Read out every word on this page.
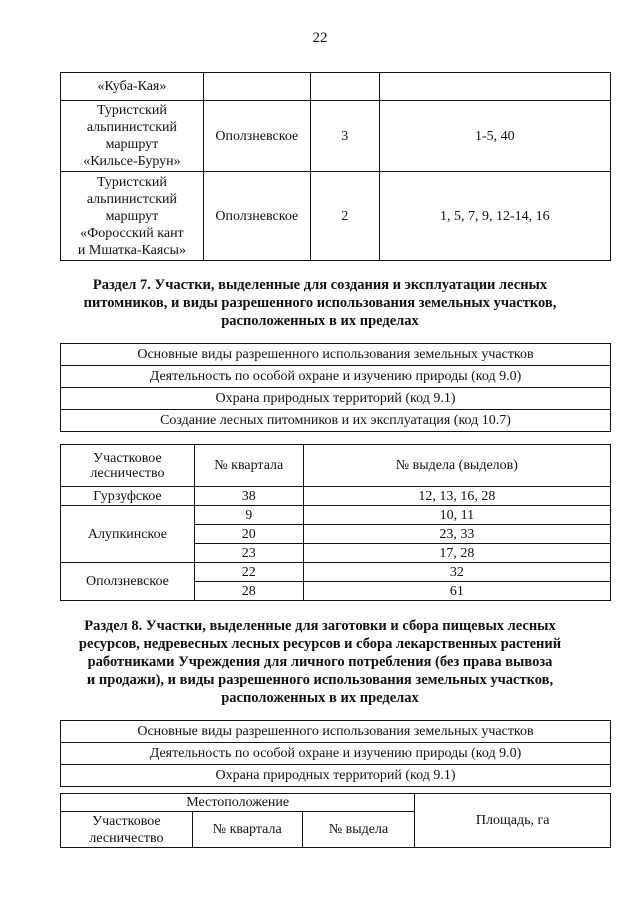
22
«Куба-Кая»			

Туристский
альпинистский
маршрут
«Кильсе-Бурун»	Оползневское	3	1-5, 40

Туристский
альпинистский
маршрут
«Форосский кант
и Мшатка-Каясы»	Оползневское	2	1, 5, 7, 9, 12-14, 16
Раздел 7. Участки, выделенные для создания и эксплуатации лесных
питомников, и виды разрешенного использования земельных участков,
расположенных в их пределах
Основные виды разрешенного использования земельных участков
Деятельность по особой охране и изучению природы (код 9.0)
Охрана природных территорий (код 9.1)
Создание лесных питомников и их эксплуатация (код 10.7)
Участковое
лесничество	№ квартала	№ выдела (выделов)
Гурзуфское	38	12, 13, 16, 28
Алупкинское	9	10, 11
	20	23, 33
	23	17, 28
Оползневское	22	32
	28	61
Раздел 8. Участки, выделенные для заготовки и сбора пищевых лесных
ресурсов, недревесных лесных ресурсов и сбора лекарственных растений
работниками Учреждения для личного потребления (без права вывоза
и продажи), и виды разрешенного использования земельных участков,
расположенных в их пределах
Основные виды разрешенного использования земельных участков
Деятельность по особой охране и изучению природы (код 9.0)
Охрана природных территорий (код 9.1)
Местоположение			Площадь, га

Участковое
лесничество	№ квартала	№ выдела	
